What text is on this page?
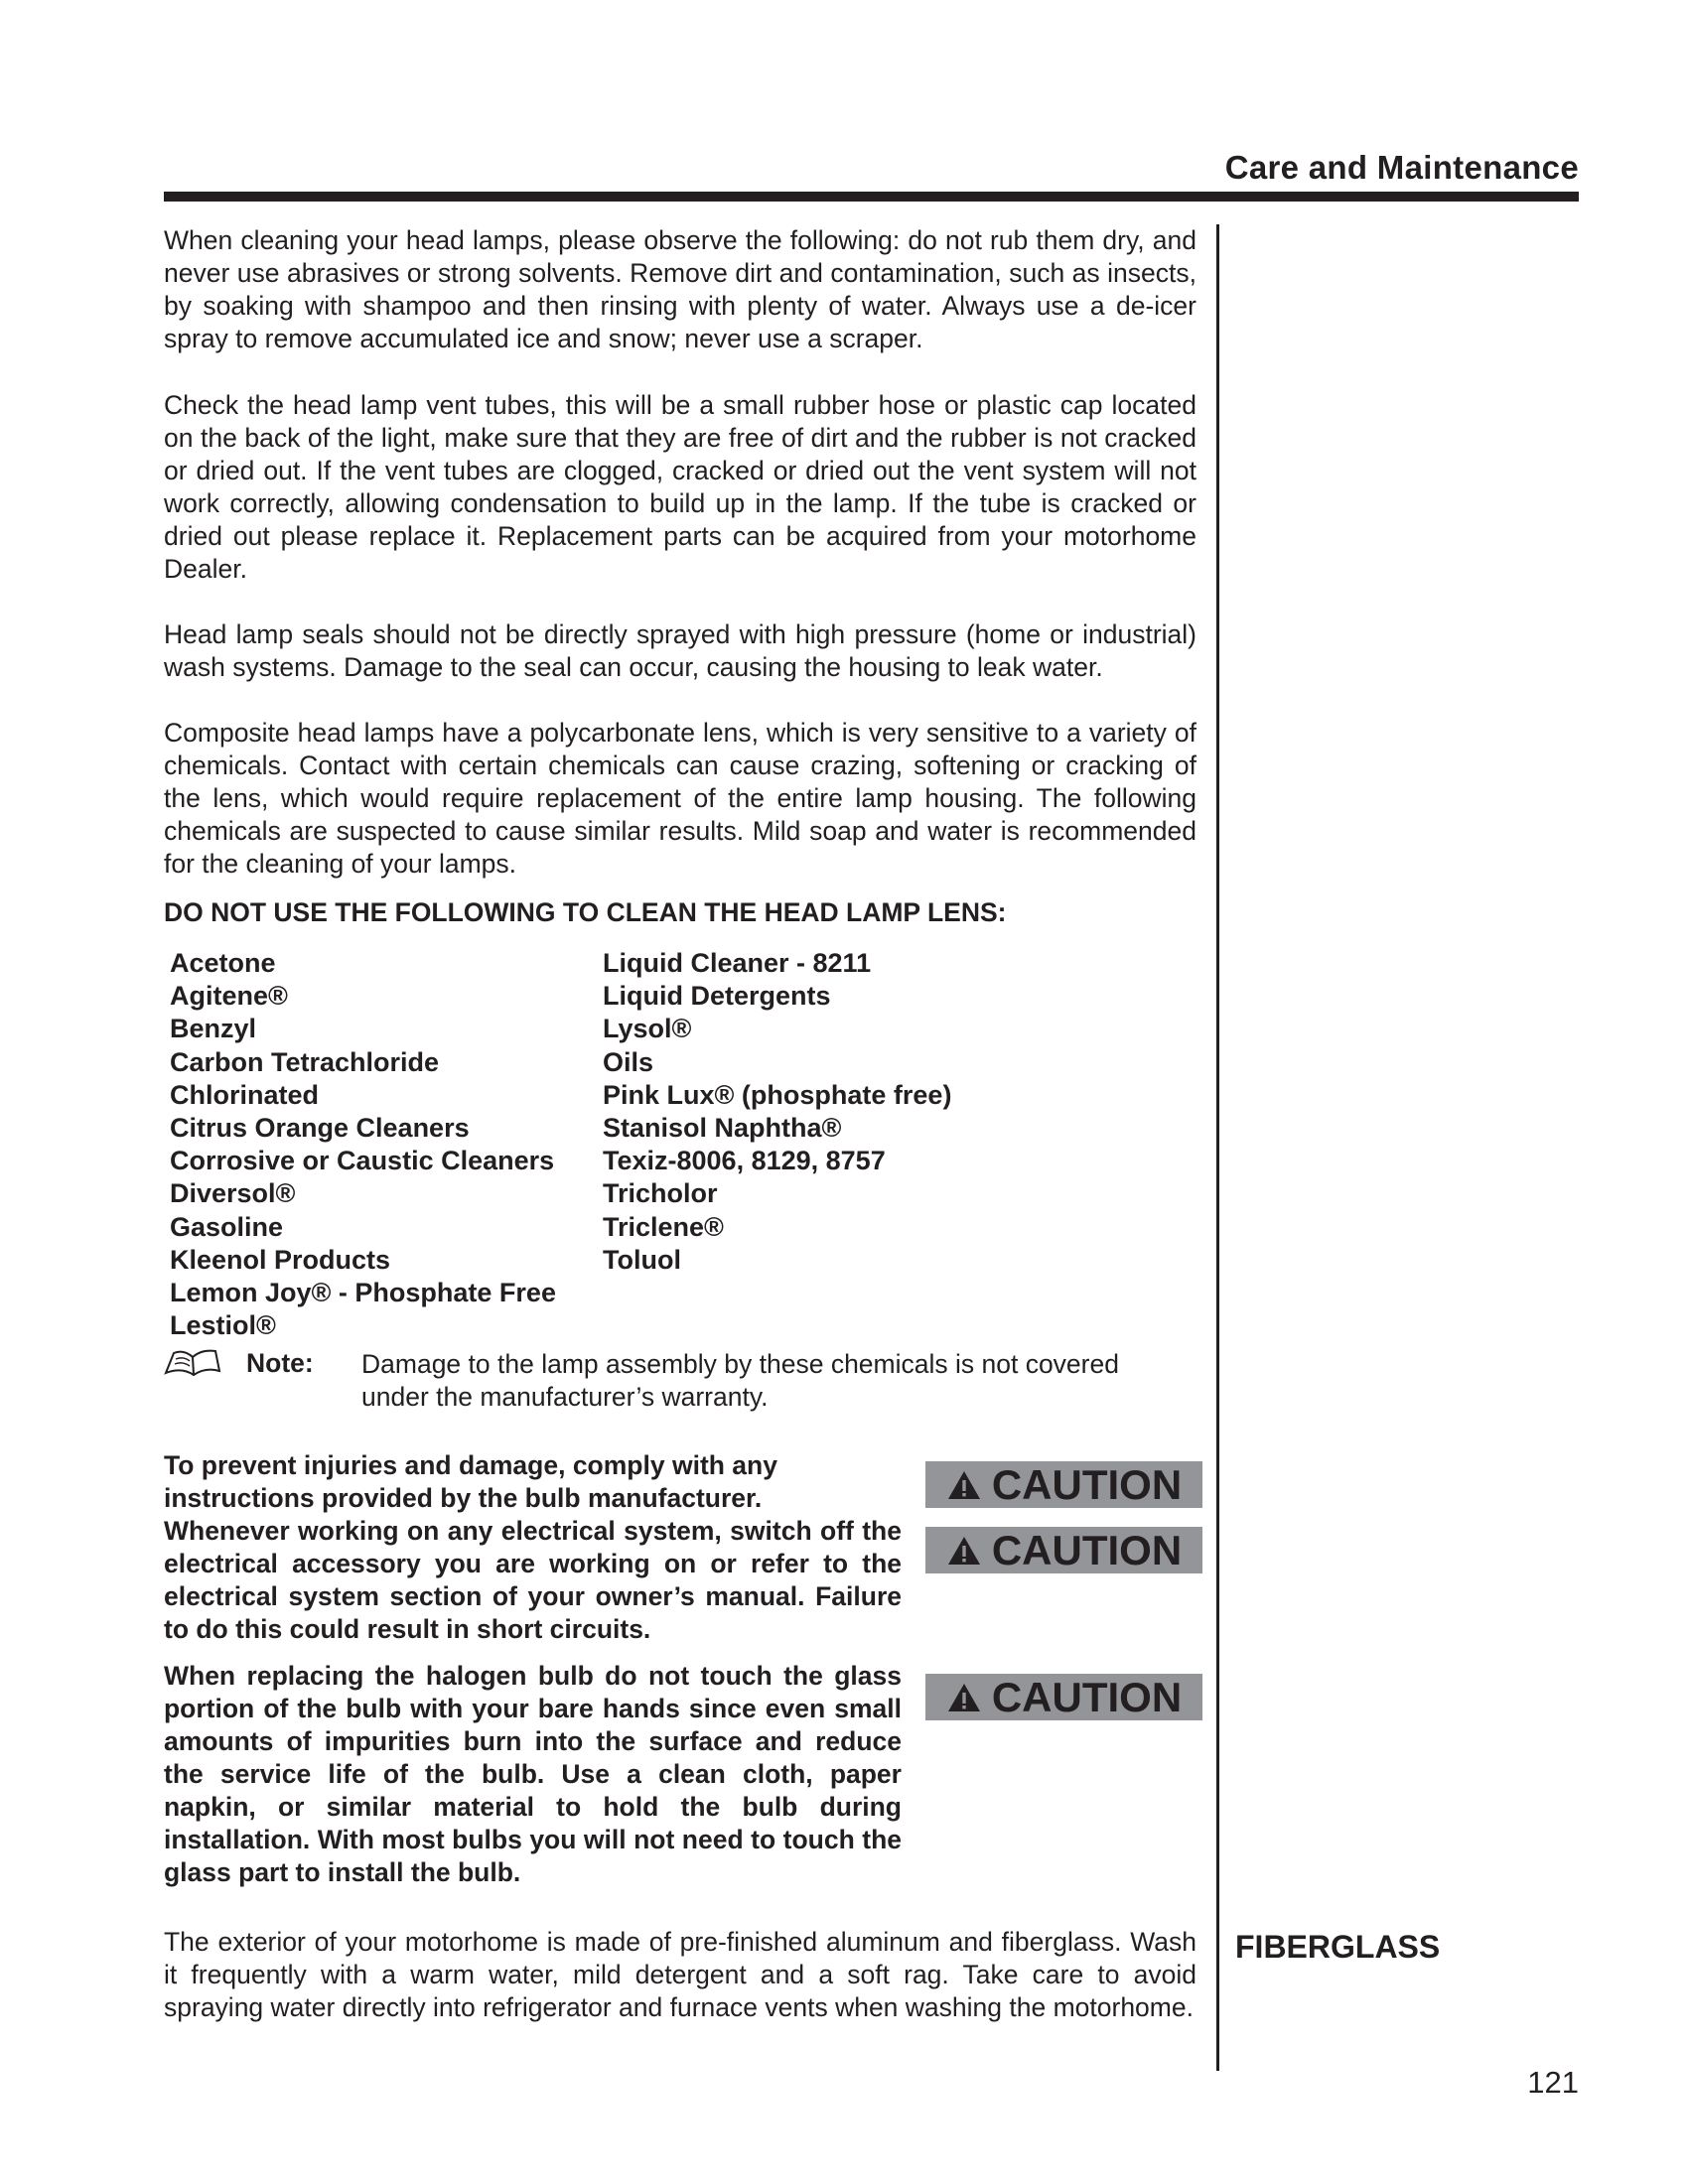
Care and Maintenance

When cleaning your head lamps, please observe the following: do not rub them dry, and never use abrasives or strong solvents. Remove dirt and contamination, such as insects, by soaking with shampoo and then rinsing with plenty of water. Always use a de-icer spray to remove accumulated ice and snow; never use a scraper.

Check the head lamp vent tubes, this will be a small rubber hose or plastic cap located on the back of the light, make sure that they are free of dirt and the rubber is not cracked or dried out. If the vent tubes are clogged, cracked or dried out the vent system will not work correctly, allowing condensation to build up in the lamp. If the tube is cracked or dried out please replace it. Replacement parts can be acquired from your motorhome Dealer.

Head lamp seals should not be directly sprayed with high pressure (home or industrial) wash systems. Damage to the seal can occur, causing the housing to leak water.

Composite head lamps have a polycarbonate lens, which is very sensitive to a variety of chemicals. Contact with certain chemicals can cause crazing, softening or cracking of the lens, which would require replacement of the entire lamp housing. The following chemicals are suspected to cause similar results. Mild soap and water is recommended for the cleaning of your lamps.

DO NOT USE THE FOLLOWING TO CLEAN THE HEAD LAMP LENS:

Acetone
Agitene®
Benzyl
Carbon Tetrachloride
Chlorinated
Citrus Orange Cleaners
Corrosive or Caustic Cleaners
Diversol®
Gasoline
Kleenol Products
Lemon Joy® - Phosphate Free
Lestiol®
Liquid Cleaner - 8211
Liquid Detergents
Lysol®
Oils
Pink Lux® (phosphate free)
Stanisol Naphtha®
Texiz-8006, 8129, 8757
Tricholor
Triclene®
Toluol
Note: Damage to the lamp assembly by these chemicals is not covered under the manufacturer’s warranty.

To prevent injuries and damage, comply with any instructions provided by the bulb manufacturer.

Whenever working on any electrical system, switch off the electrical accessory you are working on or refer to the electrical system section of your owner’s manual. Failure to do this could result in short circuits.

When replacing the halogen bulb do not touch the glass portion of the bulb with your bare hands since even small amounts of impurities burn into the surface and reduce the service life of the bulb. Use a clean cloth, paper napkin, or similar material to hold the bulb during installation. With most bulbs you will not need to touch the glass part to install the bulb.

CAUTION
CAUTION
CAUTION

The exterior of your motorhome is made of pre-finished aluminum and fiberglass. Wash it frequently with a warm water, mild detergent and a soft rag. Take care to avoid spraying water directly into refrigerator and furnace vents when washing the motorhome.

FIBERGLASS
121
